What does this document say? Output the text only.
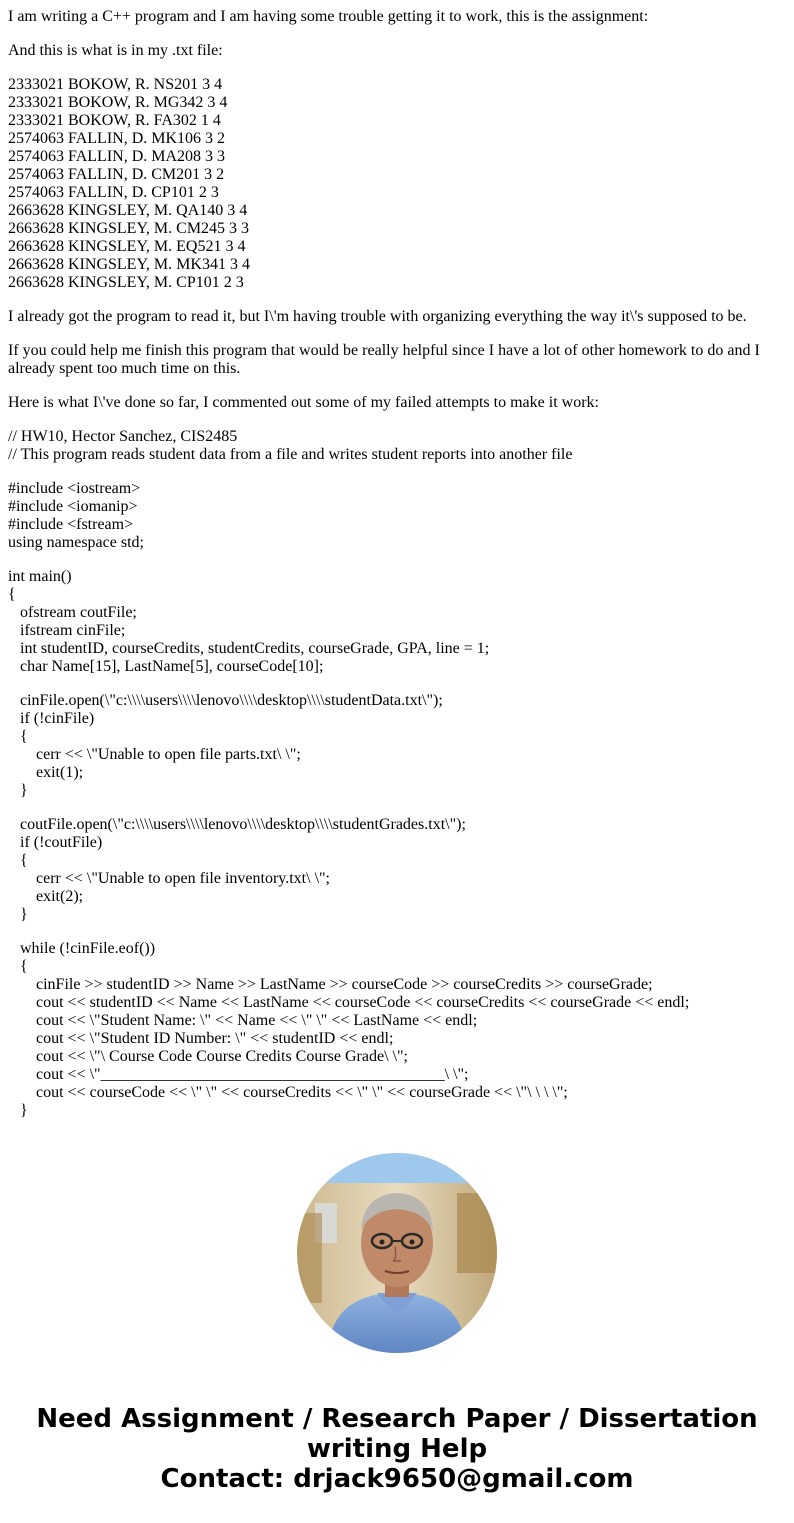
I am writing a C++ program and I am having some trouble getting it to work, this is the assignment:

And this is what is in my .txt file:

2333021 BOKOW, R. NS201 3 4
2333021 BOKOW, R. MG342 3 4
2333021 BOKOW, R. FA302 1 4
2574063 FALLIN, D. MK106 3 2
2574063 FALLIN, D. MA208 3 3
2574063 FALLIN, D. CM201 3 2
2574063 FALLIN, D. CP101 2 3
2663628 KINGSLEY, M. QA140 3 4
2663628 KINGSLEY, M. CM245 3 3
2663628 KINGSLEY, M. EQ521 3 4
2663628 KINGSLEY, M. MK341 3 4
2663628 KINGSLEY, M. CP101 2 3

I already got the program to read it, but I\'m having trouble with organizing everything the way it\'s supposed to be.

If you could help me finish this program that would be really helpful since I have a lot of other homework to do and I already spent too much time on this.

Here is what I\'ve done so far, I commented out some of my failed attempts to make it work:

// HW10, Hector Sanchez, CIS2485
// This program reads student data from a file and writes student reports into another file
#include <iostream>
#include <iomanip>
#include <fstream>
using namespace std;
int main()
{
ofstream coutFile;
ifstream cinFile;
int studentID, courseCredits, studentCredits, courseGrade, GPA, line = 1;
char Name[15], LastName[5], courseCode[10];
cinFile.open(\"c:\\\\users\\\\lenovo\\\\desktop\\\\studentData.txt\");
if (!cinFile)
{
cerr << \"Unable to open file parts.txt\ \";
exit(1);
}
coutFile.open(\"c:\\\\users\\\\lenovo\\\\desktop\\\\studentGrades.txt\");
if (!coutFile)
{
cerr << \"Unable to open file inventory.txt\ \";
exit(2);
}
while (!cinFile.eof())
{
cinFile >> studentID >> Name >> LastName >> courseCode >> courseCredits >> courseGrade;
cout << studentID << Name << LastName << courseCode << courseCredits << courseGrade << endl;
cout << \"Student Name: \" << Name << \" \" << LastName << endl;
cout << \"Student ID Number: \" << studentID << endl;
cout << \"\ Course Code Course Credits Course Grade\ \";
cout << \"___________________________________________\ \";
cout << courseCode << \" \" << courseCredits << \" \" << courseGrade << \"\ \ \ \";
}
Need Assignment / Research Paper / Dissertation
writing Help
Contact: drjack9650@gmail.com
